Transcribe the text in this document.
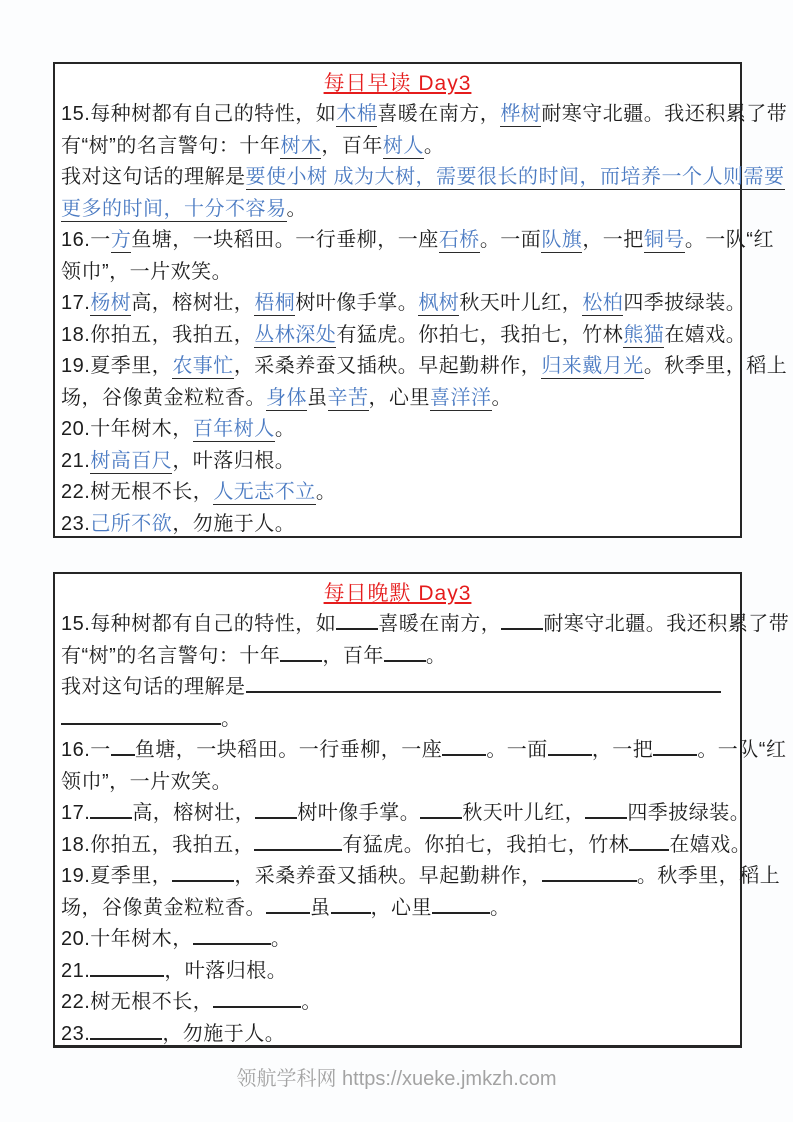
每日早读 Day3
15.每种树都有自己的特性，如木棉喜暖在南方，桦树耐寒守北疆。我还积累了带
有“树”的名言警句：十年树木，百年树人。
我对这句话的理解是要使小树 成为大树，需要很长的时间，而培养一个人则需要
更多的时间，十分不容易。
16.一方鱼塘，一块稻田。一行垂柳，一座石桥。一面队旗，一把铜号。一队“红
领巾”，一片欢笑。
17.杨树高，榕树壮，梧桐树叶像手掌。枫树秋天叶儿红，松柏四季披绿装。
18.你拍五，我拍五，丛林深处有猛虎。你拍七，我拍七，竹林熊猫在嬉戏。
19.夏季里，农事忙，采桑养蚕又插秧。早起勤耕作，归来戴月光。秋季里，稻上
场，谷像黄金粒粒香。身体虽辛苦，心里喜洋洋。
20.十年树木，百年树人。
21.树高百尺，叶落归根。
22.树无根不长，人无志不立。
23.己所不欲，勿施于人。
每日晚默 Day3
15.每种树都有自己的特性，如 喜暖在南方， 耐寒守北疆。我还积累了带
有“树”的名言警句：十年 ，百年 。
我对这句话的理解是
。
16.一 鱼塘，一块稻田。一行垂柳，一座 。一面 ，一把 。一队“红
领巾”，一片欢笑。
17. 高，榕树壮， 树叶像手掌。 秋天叶儿红， 四季披绿装。
18.你拍五，我拍五，	有猛虎。你拍七，我拍七，竹林 在嬉戏。
19.夏季里，	，采桑养蚕又插秧。早起勤耕作，	。秋季里，稻上
场，谷像黄金粒粒香。 虽 ，心里	。
20.十年树木，	。
21.	，叶落归根。
22.树无根不长，	。
23.	，勿施于人。
领航学科网 https://xueke.jmkzh.com
